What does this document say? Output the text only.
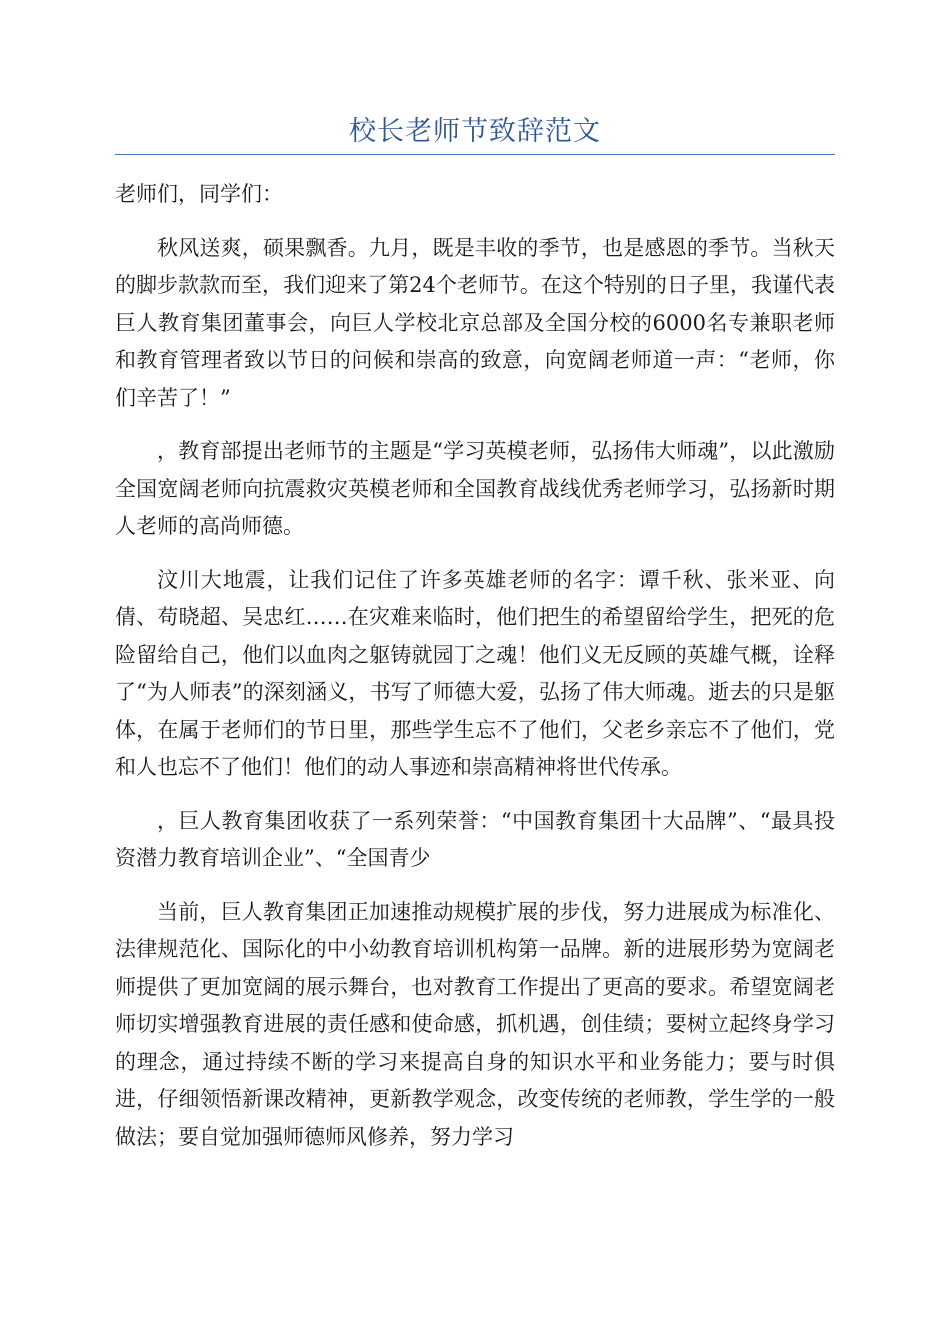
校长老师节致辞范文

老师们，同学们：

秋风送爽，硕果飘香。九月，既是丰收的季节，也是感恩的季节。当秋天的脚步款款而至，我们迎来了第24个老师节。在这个特别的日子里，我谨代表巨人教育集团董事会，向巨人学校北京总部及全国分校的6000名专兼职老师和教育管理者致以节日的问候和崇高的致意，向宽阔老师道一声：“老师，你们辛苦了！”

，教育部提出老师节的主题是“学习英模老师，弘扬伟大师魂”，以此激励全国宽阔老师向抗震救灾英模老师和全国教育战线优秀老师学习，弘扬新时期人老师的高尚师德。

汶川大地震，让我们记住了许多英雄老师的名字：谭千秋、张米亚、向倩、苟晓超、吴忠红……在灾难来临时，他们把生的希望留给学生，把死的危险留给自己，他们以血肉之躯铸就园丁之魂！他们义无反顾的英雄气概，诠释了“为人师表”的深刻涵义，书写了师德大爱，弘扬了伟大师魂。逝去的只是躯体，在属于老师们的节日里，那些学生忘不了他们，父老乡亲忘不了他们，党和人也忘不了他们！他们的动人事迹和崇高精神将世代传承。

，巨人教育集团收获了一系列荣誉：“中国教育集团十大品牌”、“最具投资潜力教育培训企业”、“全国青少

当前，巨人教育集团正加速推动规模扩展的步伐，努力进展成为标准化、法律规范化、国际化的中小幼教育培训机构第一品牌。新的进展形势为宽阔老师提供了更加宽阔的展示舞台，也对教育工作提出了更高的要求。希望宽阔老师切实增强教育进展的责任感和使命感，抓机遇，创佳绩；要树立起终身学习的理念，通过持续不断的学习来提高自身的知识水平和业务能力；要与时俱进，仔细领悟新课改精神，更新教学观念，改变传统的老师教，学生学的一般做法；要自觉加强师德师风修养，努力学习
